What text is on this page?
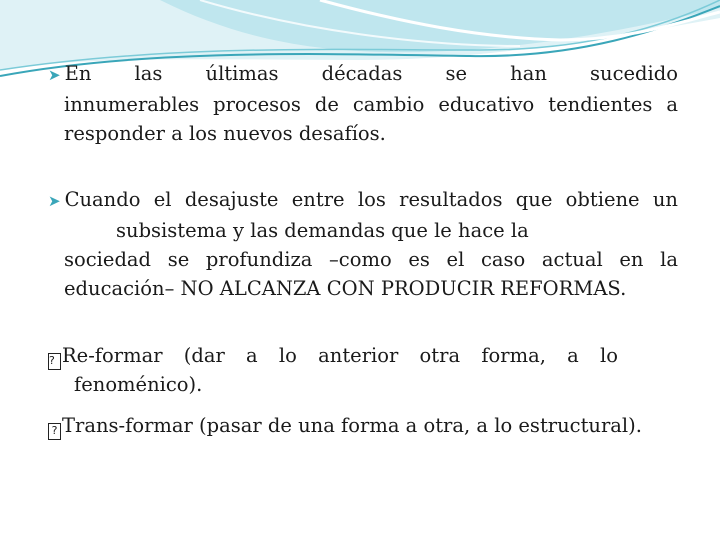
➤ En las últimas décadas se han sucedido
innumerables procesos de cambio educativo tendientes a
responder a los nuevos desafíos.
➤ Cuando el desajuste entre los resultados que obtiene un
subsistema y las demandas que le hace la
sociedad se profundiza –como es el caso actual en la
educación– NO ALCANZA CON PRODUCIR REFORMAS.
? Re-formar (dar a lo anterior otra forma, a lo
fenoménico).
? Trans-formar (pasar de una forma a otra, a lo estructural).
